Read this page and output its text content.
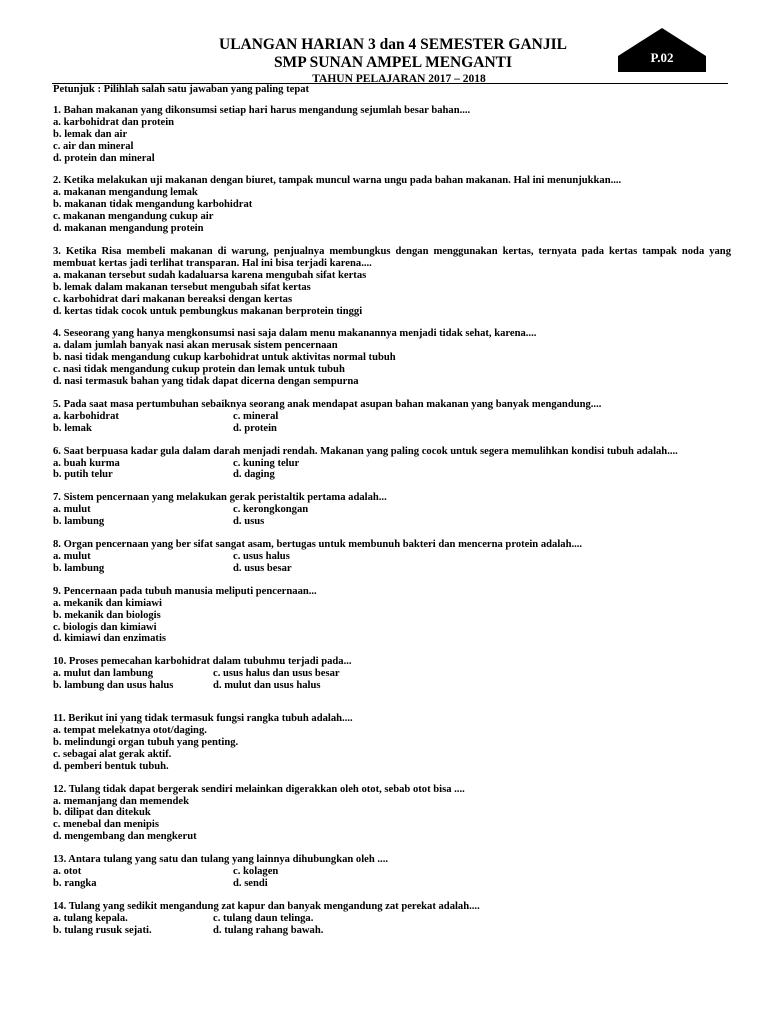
ULANGAN HARIAN 3 dan 4 SEMESTER GANJIL
SMP SUNAN AMPEL MENGANTI
TAHUN PELAJARAN 2017 – 2018
P.02
Petunjuk : Pilihlah salah satu jawaban yang paling tepat
1. Bahan makanan yang dikonsumsi setiap hari harus mengandung sejumlah besar bahan....
a. karbohidrat dan protein
b. lemak dan air
c. air dan mineral
d. protein dan mineral
2. Ketika melakukan uji makanan dengan biuret, tampak muncul warna ungu pada bahan makanan. Hal ini menunjukkan....
a. makanan mengandung lemak
b. makanan tidak mengandung karbohidrat
c. makanan mengandung cukup air
d. makanan mengandung protein
3. Ketika Risa membeli makanan di warung, penjualnya membungkus dengan menggunakan kertas, ternyata pada kertas tampak noda yang membuat kertas jadi terlihat transparan. Hal ini bisa terjadi karena....
a. makanan tersebut sudah kadaluarsa karena mengubah sifat kertas
b. lemak dalam makanan tersebut mengubah sifat kertas
c. karbohidrat dari makanan bereaksi dengan kertas
d. kertas tidak cocok untuk pembungkus makanan berprotein tinggi
4. Seseorang yang hanya mengkonsumsi nasi saja dalam menu makanannya menjadi tidak sehat, karena....
a. dalam jumlah banyak nasi akan merusak sistem pencernaan
b. nasi tidak mengandung cukup karbohidrat untuk aktivitas normal tubuh
c. nasi tidak mengandung cukup protein dan lemak untuk tubuh
d. nasi termasuk bahan yang tidak dapat dicerna dengan sempurna
5. Pada saat masa pertumbuhan sebaiknya seorang anak mendapat asupan bahan makanan yang banyak mengandung....
a. karbohidrat	c. mineral
b. lemak	d. protein
6. Saat berpuasa kadar gula dalam darah menjadi rendah. Makanan yang paling cocok untuk segera memulihkan kondisi tubuh adalah....
a. buah kurma	c. kuning telur
b. putih telur	d. daging
7. Sistem pencernaan yang melakukan gerak peristaltik pertama adalah...
a. mulut	c. kerongkongan
b. lambung	d. usus
8. Organ pencernaan yang ber sifat sangat asam, bertugas untuk membunuh bakteri dan mencerna protein adalah....
a. mulut	c. usus halus
b. lambung	d. usus besar
9. Pencernaan pada tubuh manusia meliputi pencernaan...
a. mekanik dan kimiawi
b. mekanik dan biologis
c. biologis dan kimiawi
d. kimiawi dan enzimatis
10. Proses pemecahan karbohidrat dalam tubuhmu terjadi pada...
a. mulut dan lambung	c. usus halus dan usus besar
b. lambung dan usus halus	d. mulut dan usus halus
11. Berikut ini yang tidak termasuk fungsi rangka tubuh adalah....
a. tempat melekatnya otot/daging.
b. melindungi organ tubuh yang penting.
c. sebagai alat gerak aktif.
d. pemberi bentuk tubuh.
12. Tulang tidak dapat bergerak sendiri melainkan digerakkan oleh otot, sebab otot bisa ....
a. memanjang dan memendek
b. dilipat dan ditekuk
c. menebal dan menipis
d. mengembang dan mengkerut
13. Antara tulang yang satu dan tulang yang lainnya dihubungkan oleh ....
a. otot	c. kolagen
b. rangka	d. sendi
14. Tulang yang sedikit mengandung zat kapur dan banyak mengandung zat perekat adalah....
a. tulang kepala.	c. tulang daun telinga.
b. tulang rusuk sejati.	d. tulang rahang bawah.
